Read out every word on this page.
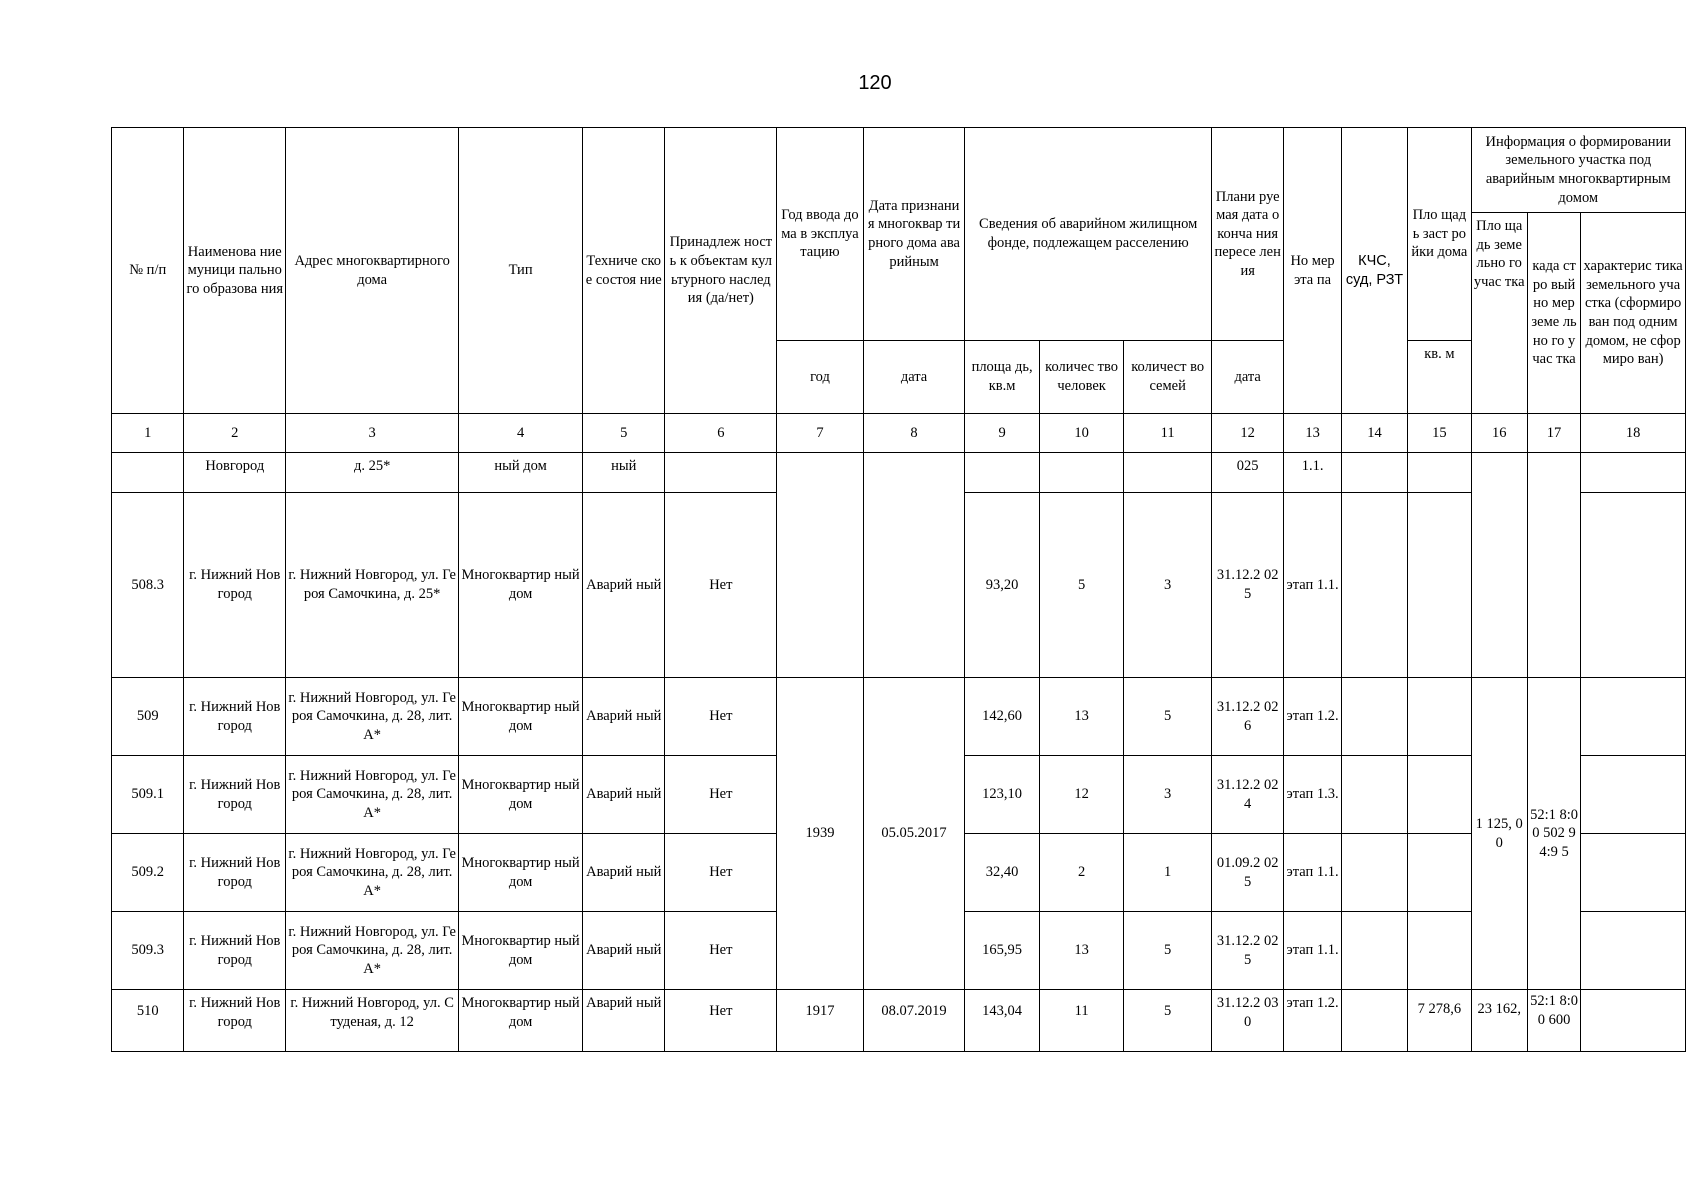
120
№ п/п	Наименова ние муници пального образова ния	Адрес многоквартирного дома	Тип	Техниче ское состоя ние	Принадлеж ность к объектам культурного наследия (да/нет)	Год ввода дома в эксплуа тацию	Дата признания многоквар тирного дома аварийным	Сведения об аварийном жилищном фонде, подлежащем расселению			Плани руемая дата оконча ния пересе ления	Но мер эта па	КЧС, суд, РЗТ	Пло щадь заст ройки дома	Информация о формировании земельного участка под аварийным многоквартирным домом		
															Пло щадь земе льно го учас тка	када стро вый но мер земе льно го учас тка	характерис тика земельного участка (сформиро ван под одним домом, не сформиро ван)
						год	дата	площа дь, кв.м	количес тво человек	количест во семей	дата			кв. м			
1	2	3	4	5	6	7	8	9	10	11	12	13	14	15	16	17	18
	Новгород	д. 25*	ный дом	ный							025	1.1.					
508.3	г. Нижний Новгород	г. Нижний Новгород, ул. Героя Самочкина, д. 25*	Многоквартир ный дом	Аварий ный	Нет			93,20	5	3	31.12.2 025	этап 1.1.					
509	г. Нижний Новгород	г. Нижний Новгород, ул. Героя Самочкина, д. 28, лит. А*	Многоквартир ный дом	Аварий ный	Нет	1939	05.05.2017	142,60	13	5	31.12.2 026	этап 1.2.			1 125, 00	52:1 8:00 502 94:9 5	
509.1	г. Нижний Новгород	г. Нижний Новгород, ул. Героя Самочкина, д. 28, лит. А*	Многоквартир ный дом	Аварий ный	Нет			123,10	12	3	31.12.2 024	этап 1.3.					
509.2	г. Нижний Новгород	г. Нижний Новгород, ул. Героя Самочкина, д. 28, лит. А*	Многоквартир ный дом	Аварий ный	Нет			32,40	2	1	01.09.2 025	этап 1.1.					
509.3	г. Нижний Новгород	г. Нижний Новгород, ул. Героя Самочкина, д. 28, лит. А*	Многоквартир ный дом	Аварий ный	Нет			165,95	13	5	31.12.2 025	этап 1.1.					
510	г. Нижний Новгород	г. Нижний Новгород, ул. Студеная, д. 12	Многоквартир ный дом	Аварий ный	Нет	1917	08.07.2019	143,04	11	5	31.12.2 030	этап 1.2.		7 278,6	23 162,	52:1 8:00 600	
